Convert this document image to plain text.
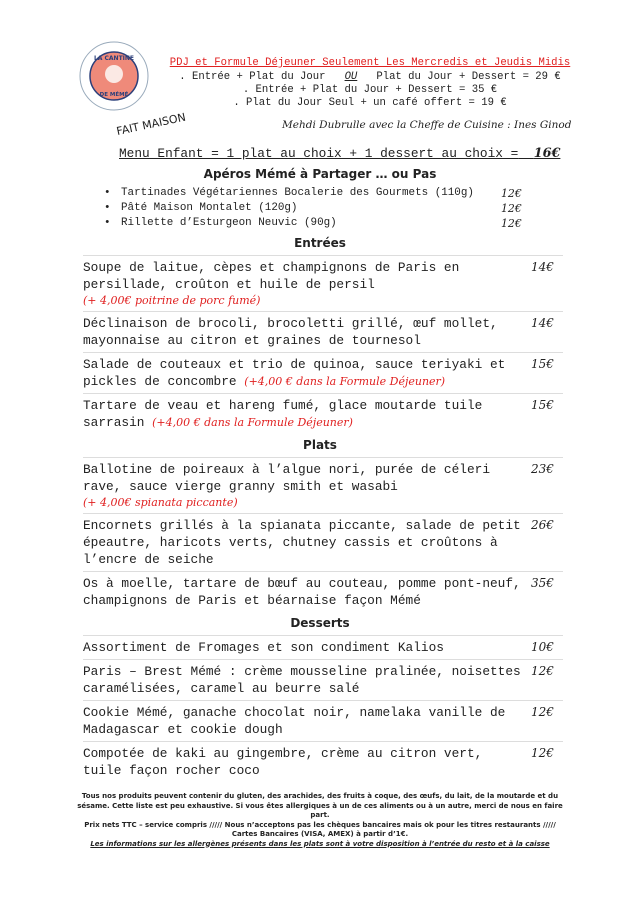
LA CANTINE
DE MÉMÉ
PDJ et Formule Déjeuner Seulement Les Mercredis et Jeudis Midis
. Entrée + Plat du Jour OU Plat du Jour + Dessert = 29 €
. Entrée + Plat du Jour + Dessert = 35 €
. Plat du Jour Seul + un café offert = 19 €
FAIT MAISON	Mehdi Dubrulle avec la Cheffe de Cuisine : Ines Ginod
Menu Enfant = 1 plat au choix + 1 dessert au choix = 16€
Apéros Mémé à Partager … ou Pas
• Tartinades Végétariennes Bocalerie des Gourmets (110g) 12€
• Pâté Maison Montalet (120g)	12€
• Rillette d’Esturgeon Neuvic (90g)	12€
Entrées
Soupe de laitue, cèpes et champignons de Paris en persillade, croûton et huile de persil
(+ 4,00€ poitrine de porc fumé)
14€
Déclinaison de brocoli, brocoletti grillé, œuf mollet, mayonnaise au citron et graines de tournesol
14€
Salade de couteaux et trio de quinoa, sauce teriyaki et pickles de concombre (+4,00 € dans la Formule Déjeuner)
15€
Tartare de veau et hareng fumé, glace moutarde tuile sarrasin (+4,00 € dans la Formule Déjeuner)
15€
Plats
Ballotine de poireaux à l’algue nori, purée de céleri rave, sauce vierge granny smith et wasabi
(+ 4,00€ spianata piccante)
23€
Encornets grillés à la spianata piccante, salade de petit épeautre, haricots verts, chutney cassis et croûtons à l’encre de seiche
26€
Os à moelle, tartare de bœuf au couteau, pomme pont-neuf, champignons de Paris et béarnaise façon Mémé
35€
Desserts
Assortiment de Fromages et son condiment Kalios	10€
Paris – Brest Mémé : crème mousseline pralinée, noisettes caramélisées, caramel au beurre salé
12€
Cookie Mémé, ganache chocolat noir, namelaka vanille de Madagascar et cookie dough
12€
Compotée de kaki au gingembre, crème au citron vert, tuile façon rocher coco
12€
Tous nos produits peuvent contenir du gluten, des arachides, des fruits à coque, des œufs, du lait, de la moutarde et du sésame. Cette liste est peu exhaustive. Si vous êtes allergiques à un de ces aliments ou à un autre, merci de nous en faire part.
Prix nets TTC – service compris ///// Nous n’acceptons pas les chèques bancaires mais ok pour les titres restaurants /////
Cartes Bancaires (VISA, AMEX) à partir d’1€.
Les informations sur les allergènes présents dans les plats sont à votre disposition à l’entrée du resto et à la caisse
